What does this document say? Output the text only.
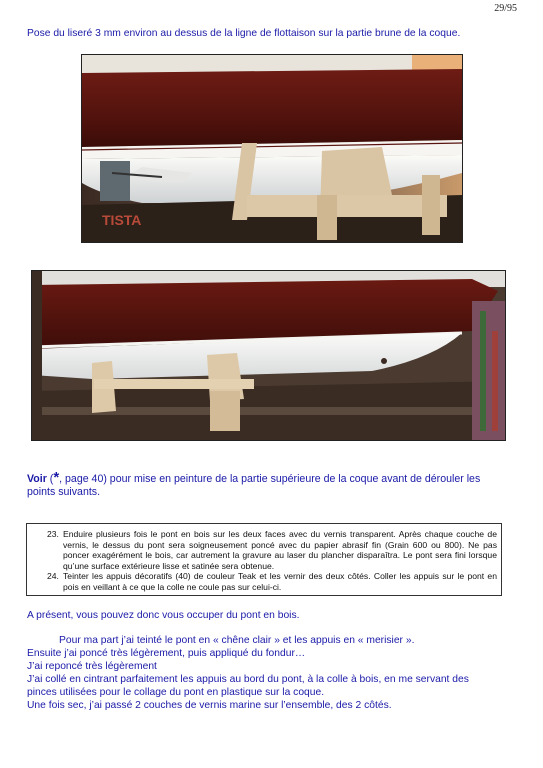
29/95
Pose du liseré 3 mm environ au dessus de la ligne de flottaison sur la partie brune de la coque.
TISTA
Voir (*, page 40) pour mise en peinture de la partie supérieure de la coque avant de dérouler les
points suivants.
23. Enduire plusieurs fois le pont en bois sur les deux faces avec du vernis transparent. Après chaque couche de vernis, le dessus du pont sera soigneusement poncé avec du papier abrasif fin (Grain 600 ou 800). Ne pas poncer exagérément le bois, car autrement la gravure au laser du plancher disparaîtra. Le pont sera fini lorsque qu’une surface extérieure lisse et satinée sera obtenue.
24. Teinter les appuis décoratifs (40) de couleur Teak et les vernir des deux côtés. Coller les appuis sur le pont en pois en veillant à ce que la colle ne coule pas sur celui-ci.
A présent, vous pouvez donc vous occuper du pont en bois.
Pour ma part j’ai teinté le pont en « chêne clair » et les appuis en « merisier ».
Ensuite j’ai poncé très légèrement, puis appliqué du fondur…
J’ai reponcé très légèrement
J’ai collé en cintrant parfaitement les appuis au bord du pont, à la colle à bois, en me servant des
pinces utilisées pour le collage du pont en plastique sur la coque.
Une fois sec, j’ai passé 2 couches de vernis marine sur l’ensemble, des 2 côtés.
